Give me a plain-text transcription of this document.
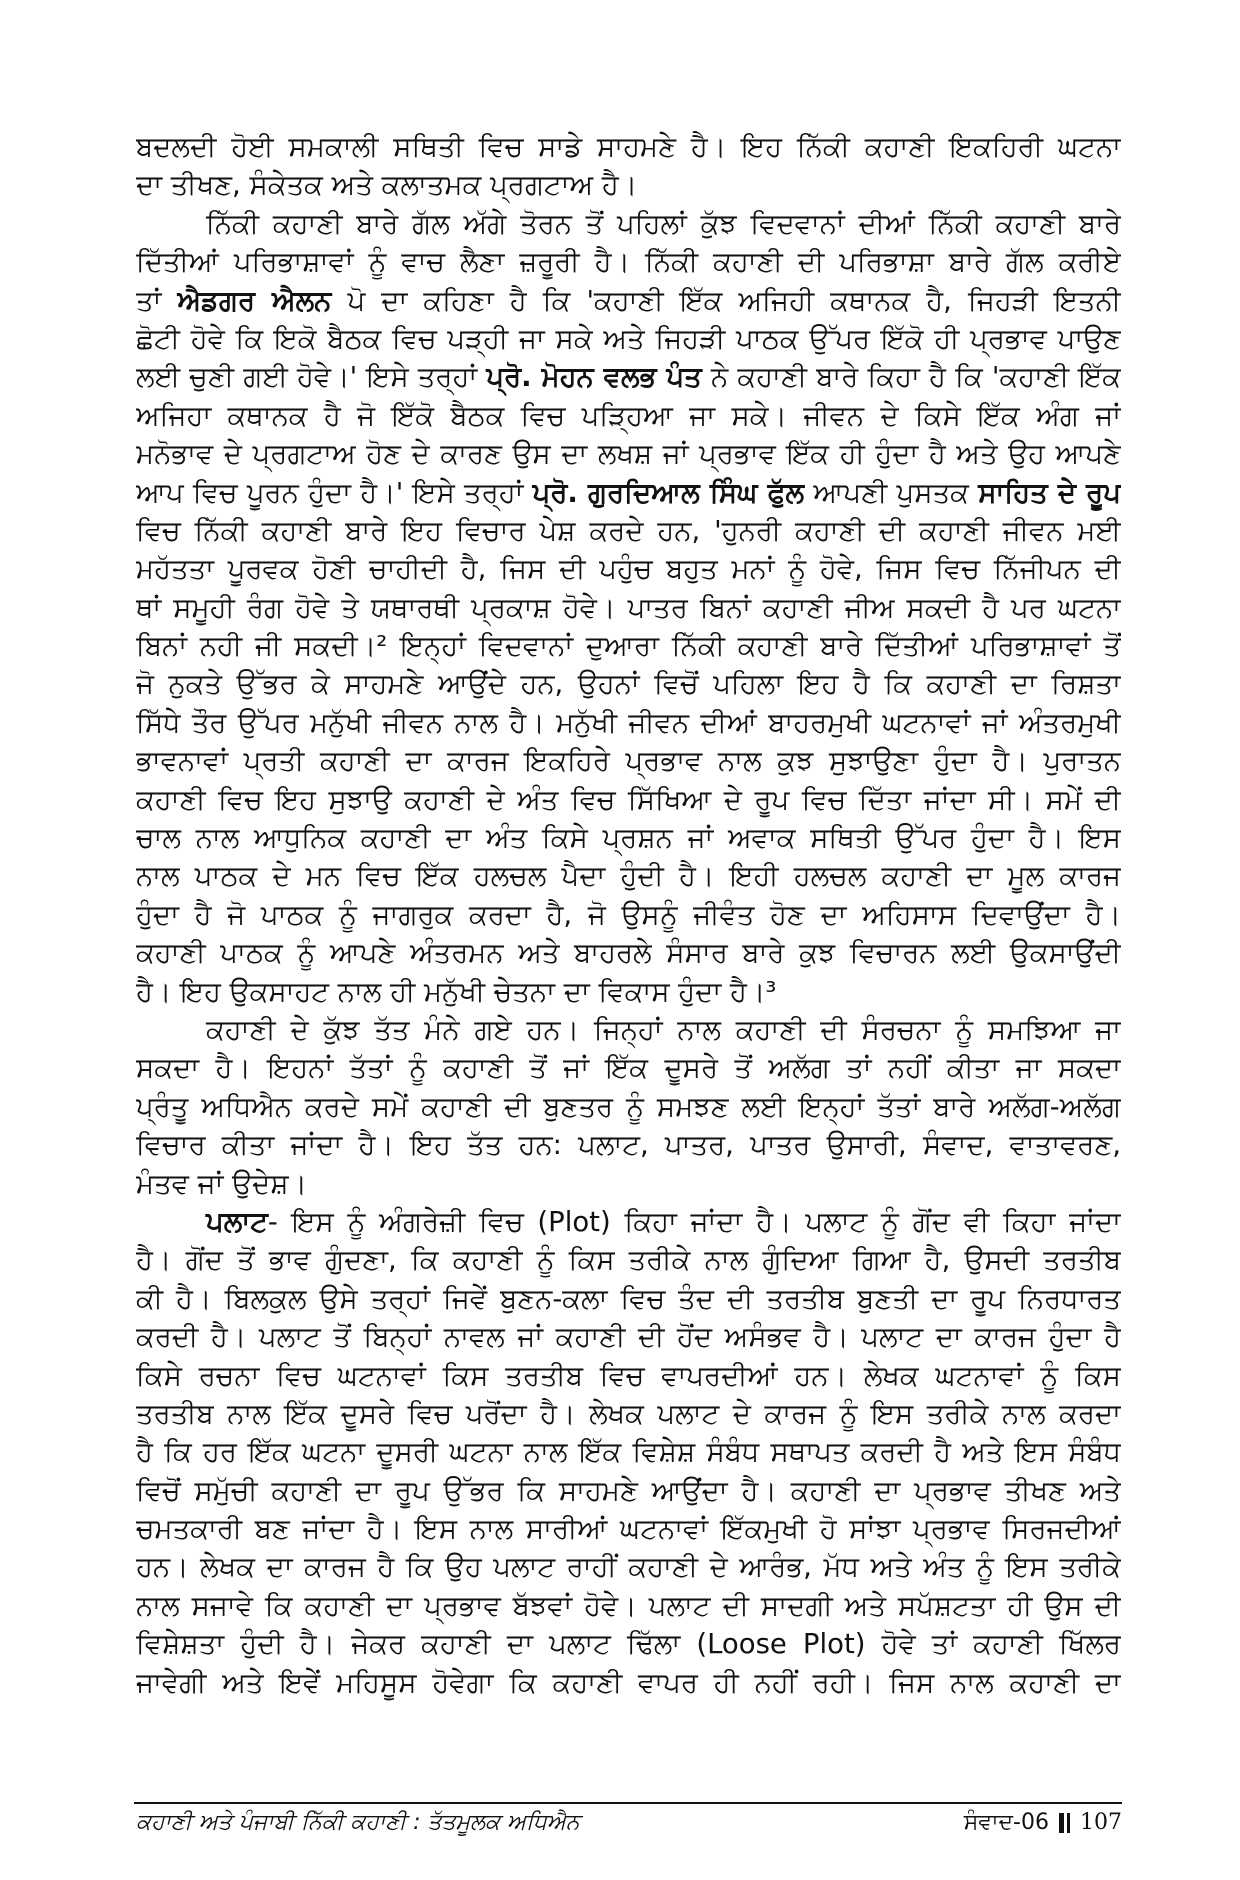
ਬਦਲਦੀ ਹੋਈ ਸਮਕਾਲੀ ਸਥਿਤੀ ਵਿਚ ਸਾਡੇ ਸਾਹਮਣੇ ਹੈ। ਇਹ ਨਿੱਕੀ ਕਹਾਣੀ ਇਕਹਿਰੀ ਘਟਨਾ
ਦਾ ਤੀਖਣ, ਸੰਕੇਤਕ ਅਤੇ ਕਲਾਤਮਕ ਪ੍ਰਗਟਾਅ ਹੈ।
ਨਿੱਕੀ ਕਹਾਣੀ ਬਾਰੇ ਗੱਲ ਅੱਗੇ ਤੋਰਨ ਤੋਂ ਪਹਿਲਾਂ ਕੁੱਝ ਵਿਦਵਾਨਾਂ ਦੀਆਂ ਨਿੱਕੀ ਕਹਾਣੀ ਬਾਰੇ
ਦਿੱਤੀਆਂ ਪਰਿਭਾਸ਼ਾਵਾਂ ਨੂੰ ਵਾਚ ਲੈਣਾ ਜ਼ਰੂਰੀ ਹੈ। ਨਿੱਕੀ ਕਹਾਣੀ ਦੀ ਪਰਿਭਾਸ਼ਾ ਬਾਰੇ ਗੱਲ ਕਰੀਏ
ਤਾਂ ਐਡਗਰ ਐਲਨ ਪੋ ਦਾ ਕਹਿਣਾ ਹੈ ਕਿ 'ਕਹਾਣੀ ਇੱਕ ਅਜਿਹੀ ਕਥਾਨਕ ਹੈ, ਜਿਹੜੀ ਇਤਨੀ
ਛੋਟੀ ਹੋਵੇ ਕਿ ਇਕੋ ਬੈਠਕ ਵਿਚ ਪੜ੍ਹੀ ਜਾ ਸਕੇ ਅਤੇ ਜਿਹੜੀ ਪਾਠਕ ਉੱਪਰ ਇੱਕੋ ਹੀ ਪ੍ਰਭਾਵ ਪਾਉਣ
ਲਈ ਚੁਣੀ ਗਈ ਹੋਵੇ।' ਇਸੇ ਤਰ੍ਹਾਂ ਪ੍ਰੋ. ਮੋਹਨ ਵਲਭ ਪੰਤ ਨੇ ਕਹਾਣੀ ਬਾਰੇ ਕਿਹਾ ਹੈ ਕਿ 'ਕਹਾਣੀ ਇੱਕ
ਅਜਿਹਾ ਕਥਾਨਕ ਹੈ ਜੋ ਇੱਕੋ ਬੈਠਕ ਵਿਚ ਪੜ੍ਹਿਆ ਜਾ ਸਕੇ। ਜੀਵਨ ਦੇ ਕਿਸੇ ਇੱਕ ਅੰਗ ਜਾਂ
ਮਨੋਭਾਵ ਦੇ ਪ੍ਰਗਟਾਅ ਹੋਣ ਦੇ ਕਾਰਣ ਉਸ ਦਾ ਲਖਸ਼ ਜਾਂ ਪ੍ਰਭਾਵ ਇੱਕ ਹੀ ਹੁੰਦਾ ਹੈ ਅਤੇ ਉਹ ਆਪਣੇ
ਆਪ ਵਿਚ ਪੂਰਨ ਹੁੰਦਾ ਹੈ।' ਇਸੇ ਤਰ੍ਹਾਂ ਪ੍ਰੋ. ਗੁਰਦਿਆਲ ਸਿੰਘ ਫੁੱਲ ਆਪਣੀ ਪੁਸਤਕ ਸਾਹਿਤ ਦੇ ਰੂਪ
ਵਿਚ ਨਿੱਕੀ ਕਹਾਣੀ ਬਾਰੇ ਇਹ ਵਿਚਾਰ ਪੇਸ਼ ਕਰਦੇ ਹਨ, 'ਹੁਨਰੀ ਕਹਾਣੀ ਦੀ ਕਹਾਣੀ ਜੀਵਨ ਮਈ
ਮਹੱਤਤਾ ਪੂਰਵਕ ਹੋਣੀ ਚਾਹੀਦੀ ਹੈ, ਜਿਸ ਦੀ ਪਹੁੰਚ ਬਹੁਤ ਮਨਾਂ ਨੂੰ ਹੋਵੇ, ਜਿਸ ਵਿਚ ਨਿੱਜੀਪਨ ਦੀ
ਥਾਂ ਸਮੂਹੀ ਰੰਗ ਹੋਵੇ ਤੇ ਯਥਾਰਥੀ ਪ੍ਰਕਾਸ਼ ਹੋਵੇ। ਪਾਤਰ ਬਿਨਾਂ ਕਹਾਣੀ ਜੀਅ ਸਕਦੀ ਹੈ ਪਰ ਘਟਨਾ
ਬਿਨਾਂ ਨਹੀ ਜੀ ਸਕਦੀ।² ਇਨ੍ਹਾਂ ਵਿਦਵਾਨਾਂ ਦੁਆਰਾ ਨਿੱਕੀ ਕਹਾਣੀ ਬਾਰੇ ਦਿੱਤੀਆਂ ਪਰਿਭਾਸ਼ਾਵਾਂ ਤੋਂ
ਜੋ ਨੁਕਤੇ ਉੱਭਰ ਕੇ ਸਾਹਮਣੇ ਆਉਂਦੇ ਹਨ, ਉਹਨਾਂ ਵਿਚੋਂ ਪਹਿਲਾ ਇਹ ਹੈ ਕਿ ਕਹਾਣੀ ਦਾ ਰਿਸ਼ਤਾ
ਸਿੱਧੇ ਤੌਰ ਉੱਪਰ ਮਨੁੱਖੀ ਜੀਵਨ ਨਾਲ ਹੈ। ਮਨੁੱਖੀ ਜੀਵਨ ਦੀਆਂ ਬਾਹਰਮੁਖੀ ਘਟਨਾਵਾਂ ਜਾਂ ਅੰਤਰਮੁਖੀ
ਭਾਵਨਾਵਾਂ ਪ੍ਰਤੀ ਕਹਾਣੀ ਦਾ ਕਾਰਜ ਇਕਹਿਰੇ ਪ੍ਰਭਾਵ ਨਾਲ ਕੁਝ ਸੁਝਾਉਣਾ ਹੁੰਦਾ ਹੈ। ਪੁਰਾਤਨ
ਕਹਾਣੀ ਵਿਚ ਇਹ ਸੁਝਾਉ ਕਹਾਣੀ ਦੇ ਅੰਤ ਵਿਚ ਸਿੱਖਿਆ ਦੇ ਰੂਪ ਵਿਚ ਦਿੱਤਾ ਜਾਂਦਾ ਸੀ। ਸਮੇਂ ਦੀ
ਚਾਲ ਨਾਲ ਆਧੁਨਿਕ ਕਹਾਣੀ ਦਾ ਅੰਤ ਕਿਸੇ ਪ੍ਰਸ਼ਨ ਜਾਂ ਅਵਾਕ ਸਥਿਤੀ ਉੱਪਰ ਹੁੰਦਾ ਹੈ। ਇਸ
ਨਾਲ ਪਾਠਕ ਦੇ ਮਨ ਵਿਚ ਇੱਕ ਹਲਚਲ ਪੈਦਾ ਹੁੰਦੀ ਹੈ। ਇਹੀ ਹਲਚਲ ਕਹਾਣੀ ਦਾ ਮੂਲ ਕਾਰਜ
ਹੁੰਦਾ ਹੈ ਜੋ ਪਾਠਕ ਨੂੰ ਜਾਗਰੁਕ ਕਰਦਾ ਹੈ, ਜੋ ਉਸਨੂੰ ਜੀਵੰਤ ਹੋਣ ਦਾ ਅਹਿਸਾਸ ਦਿਵਾਉਂਦਾ ਹੈ।
ਕਹਾਣੀ ਪਾਠਕ ਨੂੰ ਆਪਣੇ ਅੰਤਰਮਨ ਅਤੇ ਬਾਹਰਲੇ ਸੰਸਾਰ ਬਾਰੇ ਕੁਝ ਵਿਚਾਰਨ ਲਈ ਉਕਸਾਉਂਦੀ
ਹੈ। ਇਹ ਉਕਸਾਹਟ ਨਾਲ ਹੀ ਮਨੁੱਖੀ ਚੇਤਨਾ ਦਾ ਵਿਕਾਸ ਹੁੰਦਾ ਹੈ।³
ਕਹਾਣੀ ਦੇ ਕੁੱਝ ਤੱਤ ਮੰਨੇ ਗਏ ਹਨ। ਜਿਨ੍ਹਾਂ ਨਾਲ ਕਹਾਣੀ ਦੀ ਸੰਰਚਨਾ ਨੂੰ ਸਮਝਿਆ ਜਾ
ਸਕਦਾ ਹੈ। ਇਹਨਾਂ ਤੱਤਾਂ ਨੂੰ ਕਹਾਣੀ ਤੋਂ ਜਾਂ ਇੱਕ ਦੂਸਰੇ ਤੋਂ ਅਲੱਗ ਤਾਂ ਨਹੀਂ ਕੀਤਾ ਜਾ ਸਕਦਾ
ਪ੍ਰੰਤੂ ਅਧਿਐਨ ਕਰਦੇ ਸਮੇਂ ਕਹਾਣੀ ਦੀ ਬੁਣਤਰ ਨੂੰ ਸਮਝਣ ਲਈ ਇਨ੍ਹਾਂ ਤੱਤਾਂ ਬਾਰੇ ਅਲੱਗ-ਅਲੱਗ
ਵਿਚਾਰ ਕੀਤਾ ਜਾਂਦਾ ਹੈ। ਇਹ ਤੱਤ ਹਨ: ਪਲਾਟ, ਪਾਤਰ, ਪਾਤਰ ਉਸਾਰੀ, ਸੰਵਾਦ, ਵਾਤਾਵਰਣ,
ਮੰਤਵ ਜਾਂ ਉਦੇਸ਼।
ਪਲਾਟ- ਇਸ ਨੂੰ ਅੰਗਰੇਜ਼ੀ ਵਿਚ (Plot) ਕਿਹਾ ਜਾਂਦਾ ਹੈ। ਪਲਾਟ ਨੂੰ ਗੋਂਦ ਵੀ ਕਿਹਾ ਜਾਂਦਾ
ਹੈ। ਗੋਂਦ ਤੋਂ ਭਾਵ ਗੁੰਦਣਾ, ਕਿ ਕਹਾਣੀ ਨੂੰ ਕਿਸ ਤਰੀਕੇ ਨਾਲ ਗੁੰਦਿਆ ਗਿਆ ਹੈ, ਉਸਦੀ ਤਰਤੀਬ
ਕੀ ਹੈ। ਬਿਲਕੁਲ ਉਸੇ ਤਰ੍ਹਾਂ ਜਿਵੇਂ ਬੁਣਨ-ਕਲਾ ਵਿਚ ਤੰਦ ਦੀ ਤਰਤੀਬ ਬੁਣਤੀ ਦਾ ਰੂਪ ਨਿਰਧਾਰਤ
ਕਰਦੀ ਹੈ। ਪਲਾਟ ਤੋਂ ਬਿਨ੍ਹਾਂ ਨਾਵਲ ਜਾਂ ਕਹਾਣੀ ਦੀ ਹੋਂਦ ਅਸੰਭਵ ਹੈ। ਪਲਾਟ ਦਾ ਕਾਰਜ ਹੁੰਦਾ ਹੈ
ਕਿਸੇ ਰਚਨਾ ਵਿਚ ਘਟਨਾਵਾਂ ਕਿਸ ਤਰਤੀਬ ਵਿਚ ਵਾਪਰਦੀਆਂ ਹਨ। ਲੇਖਕ ਘਟਨਾਵਾਂ ਨੂੰ ਕਿਸ
ਤਰਤੀਬ ਨਾਲ ਇੱਕ ਦੂਸਰੇ ਵਿਚ ਪਰੋਂਦਾ ਹੈ। ਲੇਖਕ ਪਲਾਟ ਦੇ ਕਾਰਜ ਨੂੰ ਇਸ ਤਰੀਕੇ ਨਾਲ ਕਰਦਾ
ਹੈ ਕਿ ਹਰ ਇੱਕ ਘਟਨਾ ਦੂਸਰੀ ਘਟਨਾ ਨਾਲ ਇੱਕ ਵਿਸ਼ੇਸ਼ ਸੰਬੰਧ ਸਥਾਪਤ ਕਰਦੀ ਹੈ ਅਤੇ ਇਸ ਸੰਬੰਧ
ਵਿਚੋਂ ਸਮੁੱਚੀ ਕਹਾਣੀ ਦਾ ਰੂਪ ਉੱਭਰ ਕਿ ਸਾਹਮਣੇ ਆਉਂਦਾ ਹੈ। ਕਹਾਣੀ ਦਾ ਪ੍ਰਭਾਵ ਤੀਖਣ ਅਤੇ
ਚਮਤਕਾਰੀ ਬਣ ਜਾਂਦਾ ਹੈ। ਇਸ ਨਾਲ ਸਾਰੀਆਂ ਘਟਨਾਵਾਂ ਇੱਕਮੁਖੀ ਹੋ ਸਾਂਝਾ ਪ੍ਰਭਾਵ ਸਿਰਜਦੀਆਂ
ਹਨ। ਲੇਖਕ ਦਾ ਕਾਰਜ ਹੈ ਕਿ ਉਹ ਪਲਾਟ ਰਾਹੀਂ ਕਹਾਣੀ ਦੇ ਆਰੰਭ, ਮੱਧ ਅਤੇ ਅੰਤ ਨੂੰ ਇਸ ਤਰੀਕੇ
ਨਾਲ ਸਜਾਵੇ ਕਿ ਕਹਾਣੀ ਦਾ ਪ੍ਰਭਾਵ ਬੱਝਵਾਂ ਹੋਵੇ। ਪਲਾਟ ਦੀ ਸਾਦਗੀ ਅਤੇ ਸਪੱਸ਼ਟਤਾ ਹੀ ਉਸ ਦੀ
ਵਿਸ਼ੇਸ਼ਤਾ ਹੁੰਦੀ ਹੈ। ਜੇਕਰ ਕਹਾਣੀ ਦਾ ਪਲਾਟ ਢਿੱਲਾ (Loose Plot) ਹੋਵੇ ਤਾਂ ਕਹਾਣੀ ਖਿੱਲਰ
ਜਾਵੇਗੀ ਅਤੇ ਇਵੇਂ ਮਹਿਸੂਸ ਹੋਵੇਗਾ ਕਿ ਕਹਾਣੀ ਵਾਪਰ ਹੀ ਨਹੀਂ ਰਹੀ। ਜਿਸ ਨਾਲ ਕਹਾਣੀ ਦਾ
ਕਹਾਣੀ ਅਤੇ ਪੰਜਾਬੀ ਨਿੱਕੀ ਕਹਾਣੀ : ਤੱਤਮੂਲਕ ਅਧਿਐਨ	ਸੰਵਾਦ-06 107
